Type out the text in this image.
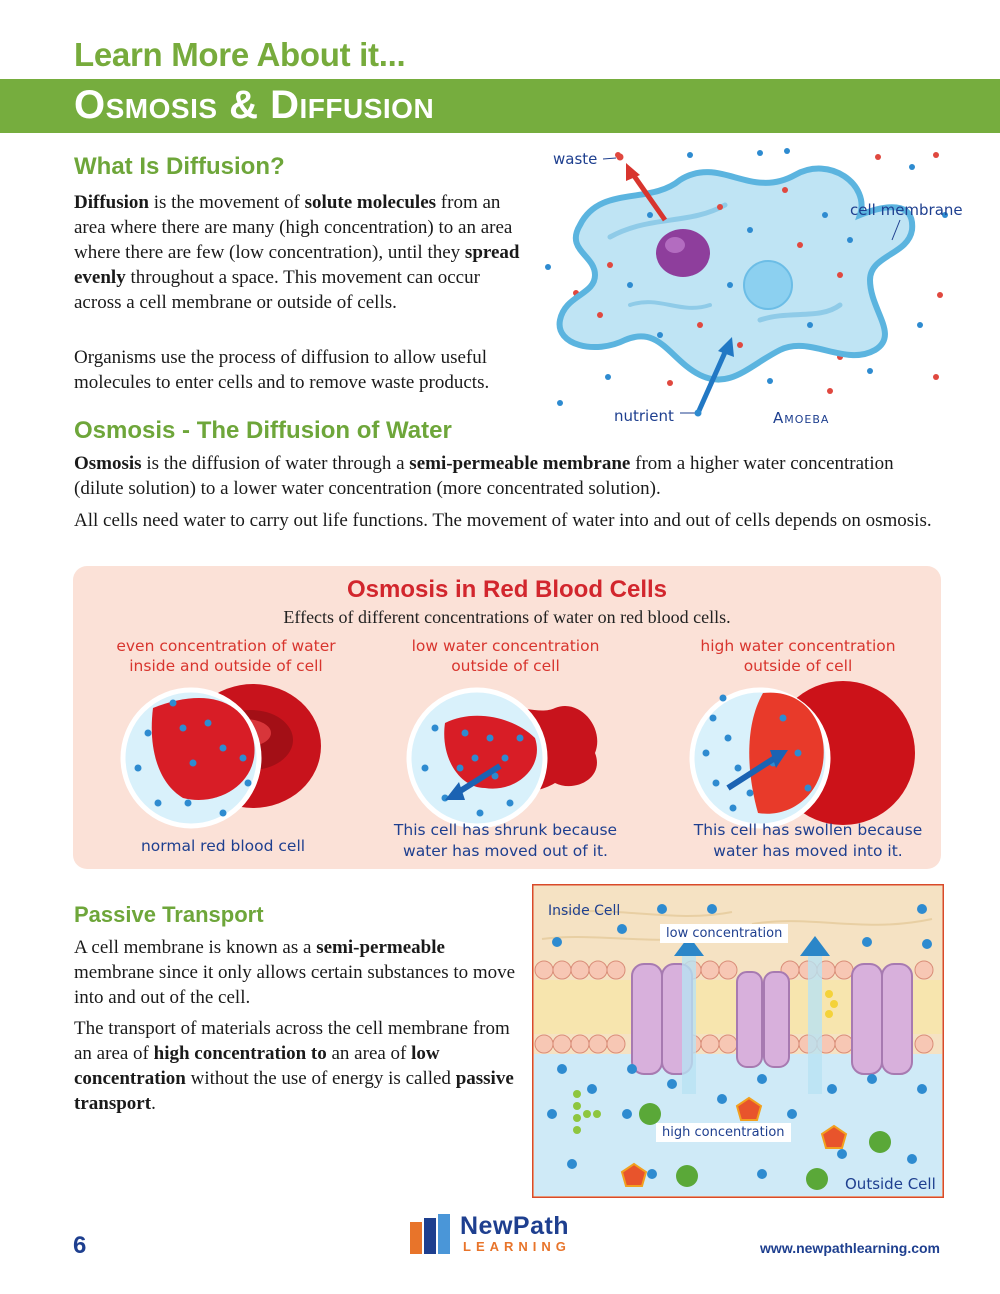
Learn More About it...
Osmosis & Diffusion
What Is Diffusion?

Diffusion is the movement of solute molecules from an area where there are many (high concentration) to an area where there are few (low concentration), until they spread evenly throughout a space. This movement can occur across a cell membrane or outside of cells.

Organisms use the process of diffusion to allow useful molecules to enter cells and to remove waste products.

waste
cell membrane
nutrient	Amoeba
Osmosis - The Diffusion of Water

Osmosis is the diffusion of water through a semi-permeable membrane from a higher water concentration (dilute solution) to a lower water concentration (more concentrated solution).

All cells need water to carry out life functions. The movement of water into and out of cells depends on osmosis.

Osmosis in Red Blood Cells
Effects of different concentrations of water on red blood cells.
even concentration of water inside and outside of cell
low water concentration outside of cell
high water concentration outside of cell
normal red blood cell
This cell has shrunk because water has moved out of it.
This cell has swollen because water has moved into it.
Passive Transport

A cell membrane is known as a semi-permeable membrane since it only allows certain substances to move into and out of the cell.

The transport of materials across the cell membrane from an area of high concentration to an area of low concentration without the use of energy is called passive transport.

Inside Cell
low concentration
high concentration
Outside Cell
6
NewPath
LEARNING	www.newpathlearning.com
